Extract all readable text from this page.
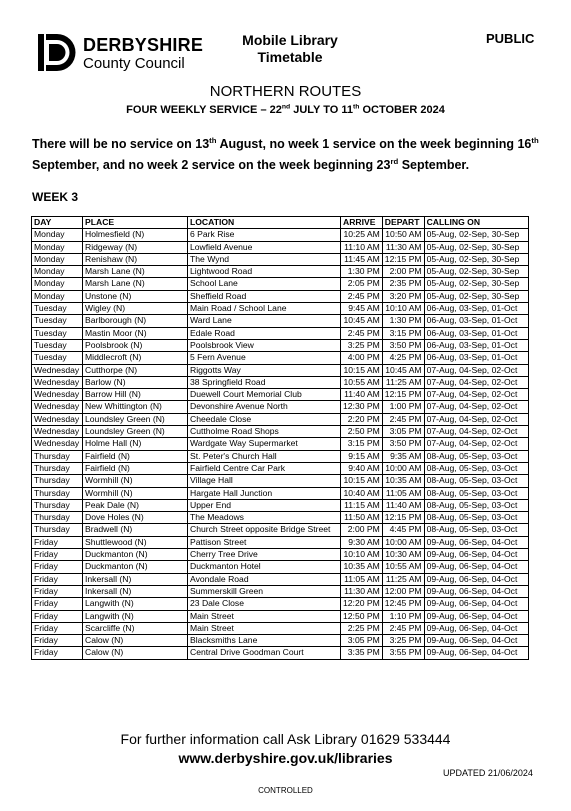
DERBYSHIRE
County Council
Mobile Library
Timetable
PUBLIC
NORTHERN ROUTES
FOUR WEEKLY SERVICE – 22nd JULY TO 11th OCTOBER 2024
There will be no service on 13th August, no week 1 service on the week beginning 16th September, and no week 2 service on the week beginning 23rd September.
WEEK 3
DAY	PLACE	LOCATION	ARRIVE	DEPART	CALLING ON
Monday	Holmesfield (N)	6 Park Rise	10:25 AM	10:50 AM	05-Aug, 02-Sep, 30-Sep
Monday	Ridgeway (N)	Lowfield Avenue	11:10 AM	11:30 AM	05-Aug, 02-Sep, 30-Sep
Monday	Renishaw (N)	The Wynd	11:45 AM	12:15 PM	05-Aug, 02-Sep, 30-Sep
Monday	Marsh Lane (N)	Lightwood Road	1:30 PM	2:00 PM	05-Aug, 02-Sep, 30-Sep
Monday	Marsh Lane (N)	School Lane	2:05 PM	2:35 PM	05-Aug, 02-Sep, 30-Sep
Monday	Unstone (N)	Sheffield Road	2:45 PM	3:20 PM	05-Aug, 02-Sep, 30-Sep
Tuesday	Wigley (N)	Main Road / School Lane	9:45 AM	10:10 AM	06-Aug, 03-Sep, 01-Oct
Tuesday	Barlborough (N)	Ward Lane	10:45 AM	1:30 PM	06-Aug, 03-Sep, 01-Oct
Tuesday	Mastin Moor (N)	Edale Road	2:45 PM	3:15 PM	06-Aug, 03-Sep, 01-Oct
Tuesday	Poolsbrook (N)	Poolsbrook View	3:25 PM	3:50 PM	06-Aug, 03-Sep, 01-Oct
Tuesday	Middlecroft (N)	5 Fern Avenue	4:00 PM	4:25 PM	06-Aug, 03-Sep, 01-Oct
Wednesday	Cutthorpe (N)	Riggotts Way	10:15 AM	10:45 AM	07-Aug, 04-Sep, 02-Oct
Wednesday	Barlow (N)	38 Springfield Road	10:55 AM	11:25 AM	07-Aug, 04-Sep, 02-Oct
Wednesday	Barrow Hill (N)	Duewell Court Memorial Club	11:40 AM	12:15 PM	07-Aug, 04-Sep, 02-Oct
Wednesday	New Whittington (N)	Devonshire Avenue North	12:30 PM	1:00 PM	07-Aug, 04-Sep, 02-Oct
Wednesday	Loundsley Green (N)	Cheedale Close	2:20 PM	2:45 PM	07-Aug, 04-Sep, 02-Oct
Wednesday	Loundsley Green (N)	Cuttholme Road Shops	2:50 PM	3:05 PM	07-Aug, 04-Sep, 02-Oct
Wednesday	Holme Hall (N)	Wardgate Way Supermarket	3:15 PM	3:50 PM	07-Aug, 04-Sep, 02-Oct
Thursday	Fairfield (N)	St. Peter's Church Hall	9:15 AM	9:35 AM	08-Aug, 05-Sep, 03-Oct
Thursday	Fairfield (N)	Fairfield Centre Car Park	9:40 AM	10:00 AM	08-Aug, 05-Sep, 03-Oct
Thursday	Wormhill (N)	Village Hall	10:15 AM	10:35 AM	08-Aug, 05-Sep, 03-Oct
Thursday	Wormhill (N)	Hargate Hall Junction	10:40 AM	11:05 AM	08-Aug, 05-Sep, 03-Oct
Thursday	Peak Dale (N)	Upper End	11:15 AM	11:40 AM	08-Aug, 05-Sep, 03-Oct
Thursday	Dove Holes (N)	The Meadows	11:50 AM	12:15 PM	08-Aug, 05-Sep, 03-Oct
Thursday	Bradwell (N)	Church Street opposite Bridge Street	2:00 PM	4:45 PM	08-Aug, 05-Sep, 03-Oct
Friday	Shuttlewood (N)	Pattison Street	9:30 AM	10:00 AM	09-Aug, 06-Sep, 04-Oct
Friday	Duckmanton (N)	Cherry Tree Drive	10:10 AM	10:30 AM	09-Aug, 06-Sep, 04-Oct
Friday	Duckmanton (N)	Duckmanton Hotel	10:35 AM	10:55 AM	09-Aug, 06-Sep, 04-Oct
Friday	Inkersall (N)	Avondale Road	11:05 AM	11:25 AM	09-Aug, 06-Sep, 04-Oct
Friday	Inkersall (N)	Summerskill Green	11:30 AM	12:00 PM	09-Aug, 06-Sep, 04-Oct
Friday	Langwith (N)	23 Dale Close	12:20 PM	12:45 PM	09-Aug, 06-Sep, 04-Oct
Friday	Langwith (N)	Main Street	12:50 PM	1:10 PM	09-Aug, 06-Sep, 04-Oct
Friday	Scarcliffe (N)	Main Street	2:25 PM	2:45 PM	09-Aug, 06-Sep, 04-Oct
Friday	Calow (N)	Blacksmiths Lane	3:05 PM	3:25 PM	09-Aug, 06-Sep, 04-Oct
Friday	Calow (N)	Central Drive Goodman Court	3:35 PM	3:55 PM	09-Aug, 06-Sep, 04-Oct
For further information call Ask Library 01629 533444
www.derbyshire.gov.uk/libraries
UPDATED 21/06/2024
CONTROLLED
